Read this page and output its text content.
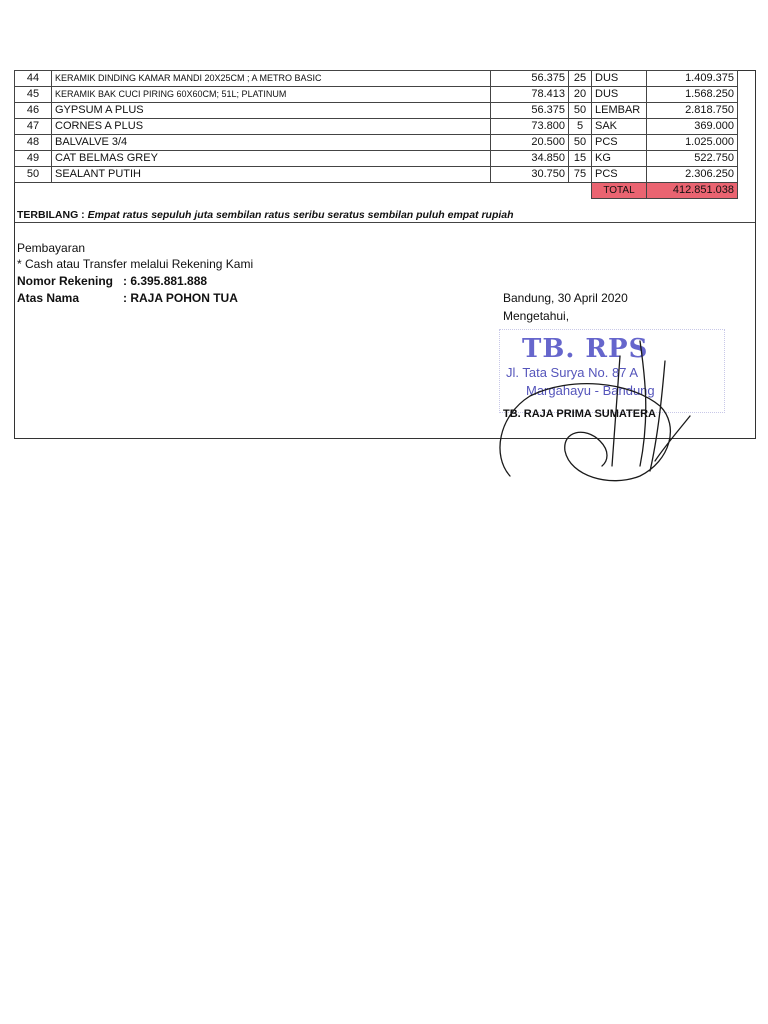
44	KERAMIK DINDING KAMAR MANDI 20X25CM ; A METRO BASIC	56.375	25	DUS	1.409.375
45	KERAMIK BAK CUCI PIRING 60X60CM; 51L; PLATINUM	78.413	20	DUS	1.568.250
46	GYPSUM A PLUS	56.375	50	LEMBAR	2.818.750
47	CORNES A PLUS	73.800	5	SAK	369.000
48	BALVALVE 3/4	20.500	50	PCS	1.025.000
49	CAT BELMAS GREY	34.850	15	KG	522.750
50	SEALANT PUTIH	30.750	75	PCS	2.306.250
				TOTAL	412.851.038
TERBILANG : Empat ratus sepuluh juta sembilan ratus seribu seratus sembilan puluh empat rupiah
Pembayaran
* Cash atau Transfer melalui Rekening Kami
Nomor Rekening : 6.395.881.888
Atas Nama	: RAJA POHON TUA	Bandung, 30 April 2020
Mengetahui,
TB. RPS
Jl. Tata Surya No. 87 A
Margahayu - Bandung
TB. RAJA PRIMA SUMATERA
